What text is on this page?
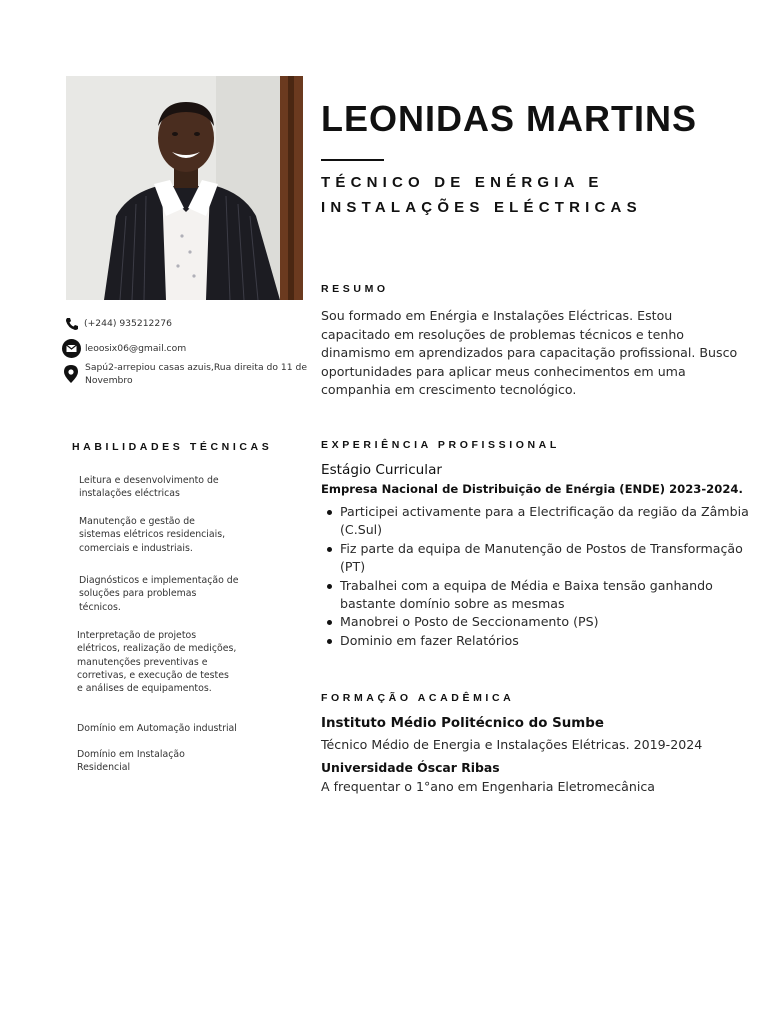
LEONIDAS MARTINS
TÉCNICO DE ENÉRGIA E INSTALAÇÕES ELÉCTRICAS
(+244) 935212276
leoosix06@gmail.com
Sapú2-arrepiou casas azuis,Rua direita do 11 de Novembro
HABILIDADES TÉCNICAS
Leitura e desenvolvimento de instalações eléctricas
Manutenção e gestão de sistemas elétricos residenciais, comerciais e industriais.
Diagnósticos e implementação de soluções para problemas técnicos.
Interpretação de projetos elétricos, realização de medições, manutenções preventivas e corretivas, e execução de testes e análises de equipamentos.
Domínio em Automação industrial
Domínio em Instalação Residencial
RESUMO
Sou formado em Enérgia e Instalações Eléctricas. Estou capacitado em resoluções de problemas técnicos e tenho dinamismo em aprendizados para capacitação profissional. Busco oportunidades para aplicar meus conhecimentos em uma companhia em crescimento tecnológico.
EXPERIÊNCIA PROFISSIONAL
Estágio Curricular
Empresa Nacional de Distribuição de Enérgia (ENDE) 2023-2024.
Participei activamente para a Electrificação da região da Zâmbia (C.Sul)
Fiz parte da equipa de Manutenção de Postos de Transformação (PT)
Trabalhei com a equipa de Média e Baixa tensão ganhando bastante domínio sobre as mesmas
Manobrei o Posto de Seccionamento (PS)
Dominio em fazer Relatórios
FORMAÇÃO ACADÊMICA
Instituto Médio Politécnico do Sumbe
Técnico Médio de Energia e Instalações Elétricas. 2019-2024
Universidade Óscar Ribas
A frequentar o 1°ano em Engenharia Eletromecânica
